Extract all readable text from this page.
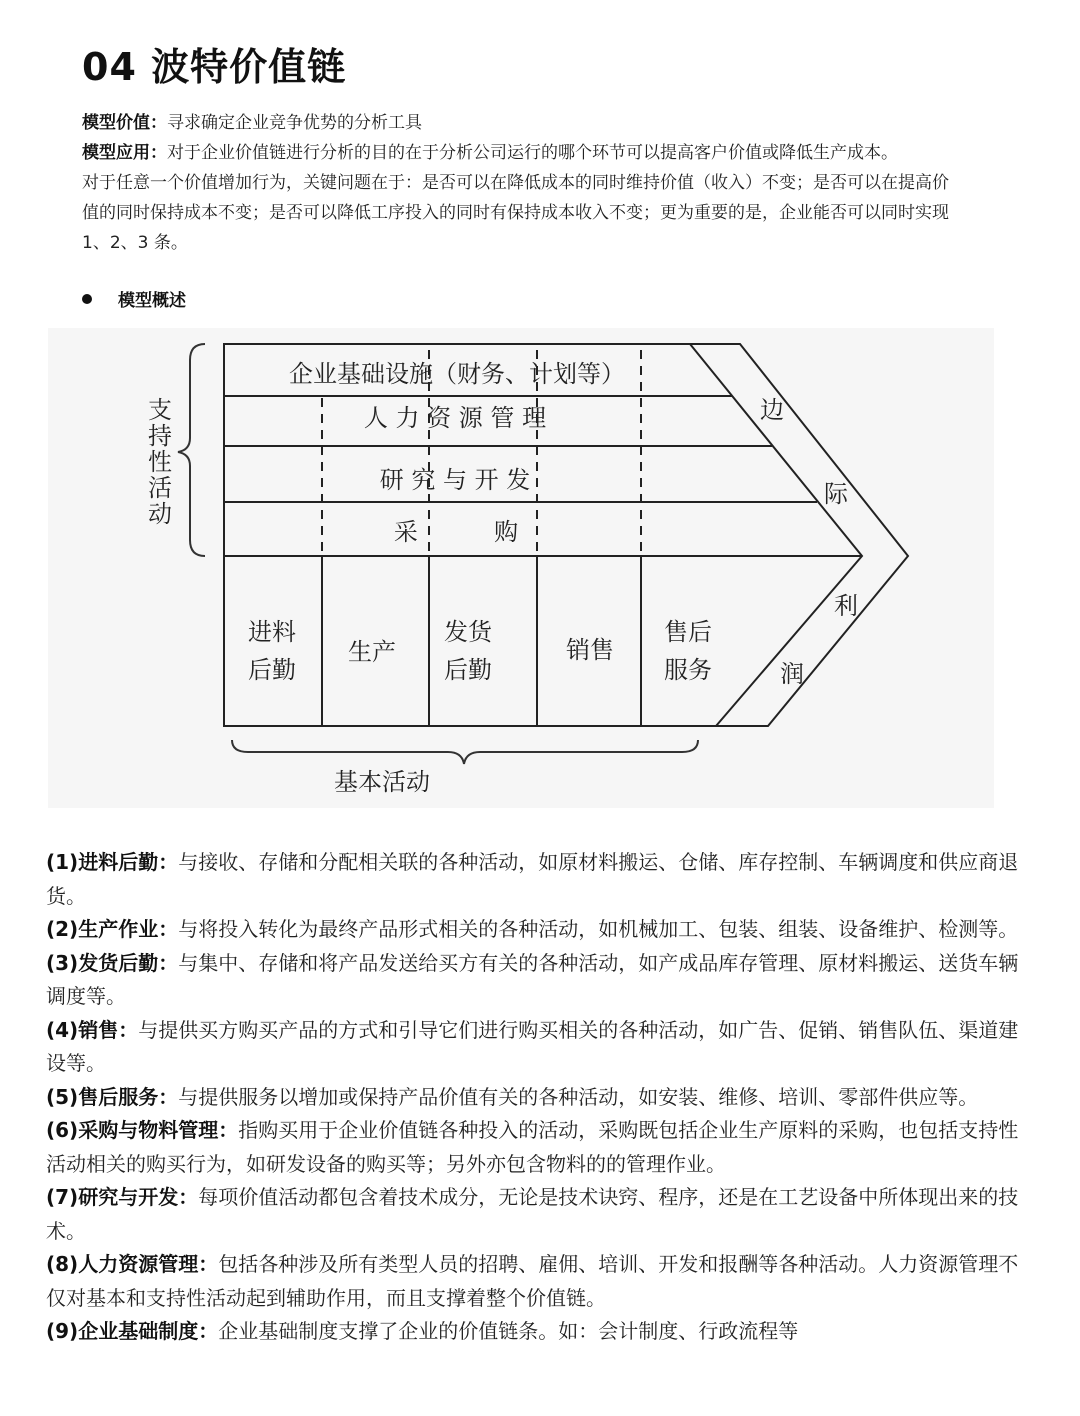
04 波特价值链

模型价值：寻求确定企业竞争优势的分析工具

模型应用：对于企业价值链进行分析的目的在于分析公司运行的哪个环节可以提高客户价值或降低生产成本。

对于任意一个价值增加行为，关键问题在于：是否可以在降低成本的同时维持价值（收入）不变；是否可以在提高价值的同时保持成本不变；是否可以降低工序投入的同时有保持成本收入不变；更为重要的是，企业能否可以同时实现 1、2、3 条。

模型概述
支
持
性
活
动
企业基础设施（财务、计划等）
人 力 资 源 管 理
研 究 与 开 发
采          购
进料
后勤
生产
发货
后勤
销售
售后
服务
边
际
利
润
基本活动

(1)进料后勤：与接收、存储和分配相关联的各种活动，如原材料搬运、仓储、库存控制、车辆调度和供应商退货。

(2)生产作业：与将投入转化为最终产品形式相关的各种活动，如机械加工、包装、组装、设备维护、检测等。

(3)发货后勤：与集中、存储和将产品发送给买方有关的各种活动，如产成品库存管理、原材料搬运、送货车辆调度等。

(4)销售：与提供买方购买产品的方式和引导它们进行购买相关的各种活动，如广告、促销、销售队伍、渠道建设等。

(5)售后服务：与提供服务以增加或保持产品价值有关的各种活动，如安装、维修、培训、零部件供应等。

(6)采购与物料管理：指购买用于企业价值链各种投入的活动，采购既包括企业生产原料的采购，也包括支持性活动相关的购买行为，如研发设备的购买等；另外亦包含物料的的管理作业。

(7)研究与开发：每项价值活动都包含着技术成分，无论是技术诀窍、程序，还是在工艺设备中所体现出来的技术。

(8)人力资源管理：包括各种涉及所有类型人员的招聘、雇佣、培训、开发和报酬等各种活动。人力资源管理不仅对基本和支持性活动起到辅助作用，而且支撑着整个价值链。

(9)企业基础制度：企业基础制度支撑了企业的价值链条。如：会计制度、行政流程等
